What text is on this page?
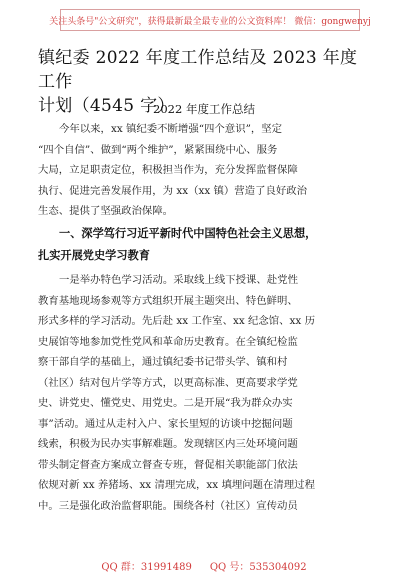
关注头条号"公文研究"，获得最新最全最专业的公文资料库！ 微信：gongwenyj
镇纪委 2022 年度工作总结及 2023 年度工作
计划（4545 字）
2022 年度工作总结
今年以来，xx 镇纪委不断增强“四个意识”，坚定
“四个自信”、做到“两个维护”，紧紧围绕中心、服务
大局，立足职责定位，积极担当作为，充分发挥监督保障
执行、促进完善发展作用，为 xx（xx 镇）营造了良好政治
生态、提供了坚强政治保障。
一、深学笃行习近平新时代中国特色社会主义思想，
扎实开展党史学习教育
一是举办特色学习活动。采取线上线下授课、赴党性
教育基地现场参观等方式组织开展主题突出、特色鲜明、
形式多样的学习活动。先后赴 xx 工作室、xx 纪念馆、xx 历
史展馆等地参加党性党风和革命历史教育。在全镇纪检监
察干部自学的基础上，通过镇纪委书记带头学、镇和村
（社区）结对包片学等方式，以更高标准、更高要求学党
史、讲党史、懂党史、用党史。二是开展“我为群众办实
事”活动。通过从走村入户、家长里短的访谈中挖掘问题
线索，积极为民办实事解难题。发现辖区内三处环境问题
带头制定督查方案成立督查专班，督促相关职能部门依法
依规对新 xx 养猪场、xx 清理完成，xx 填埋问题在清理过程
中。三是强化政治监督职能。围绕各村（社区）宣传动员
QQ 群：31991489 QQ 号：535304092
